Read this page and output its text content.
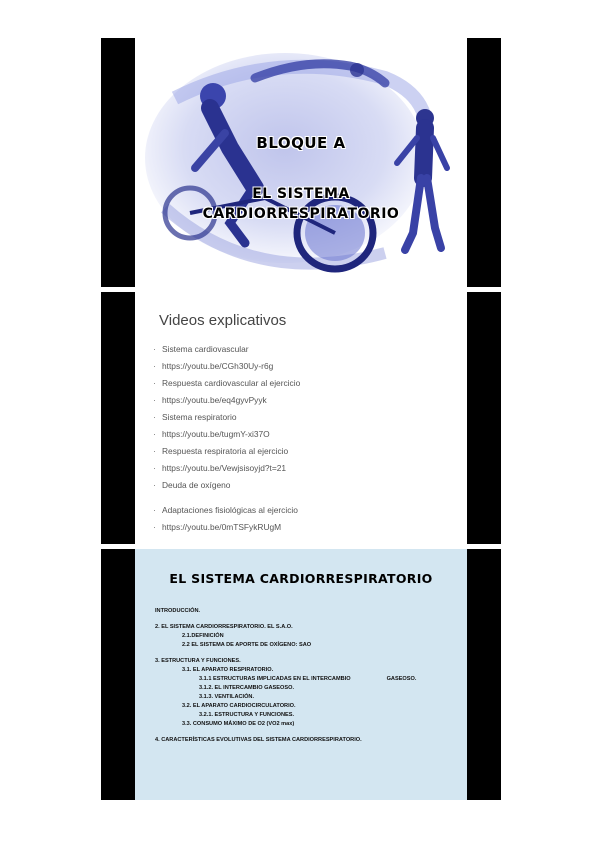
BLOQUE A
EL SISTEMA
CARDIORRESPIRATORIO
Videos explicativos
· Sistema cardiovascular
· https://youtu.be/CGh30Uy-r6g
· Respuesta cardiovascular al ejercicio
· https://youtu.be/eq4gyvPyyk
· Sistema respiratorio
· https://youtu.be/tugmY-xi37O
· Respuesta respiratoria al ejercicio
· https://youtu.be/Vewjsisoyjd?t=21
· Deuda de oxígeno
· Adaptaciones fisiológicas al ejercicio
· https://youtu.be/0mTSFykRUgM
EL SISTEMA CARDIORRESPIRATORIO
INTRODUCCIÓN.
2. EL SISTEMA CARDIORRESPIRATORIO. EL S.A.O.
2.1.DEFINICIÓN
2.2 EL SISTEMA DE APORTE DE OXÍGENO: SAO
3. ESTRUCTURA Y FUNCIONES.
3.1. EL APARATO RESPIRATORIO.
3.1.1 ESTRUCTURAS IMPLICADAS EN EL INTERCAMBIO	GASEOSO.
3.1.2. EL INTERCAMBIO GASEOSO.
3.1.3. VENTILACIÓN.
3.2. EL APARATO CARDIOCIRCULATORIO.
3.2.1. ESTRUCTURA Y FUNCIONES.
3.3. CONSUMO MÁXIMO DE O2 (VO2 max)
4. CARACTERÍSTICAS EVOLUTIVAS DEL SISTEMA CARDIORRESPIRATORIO.
